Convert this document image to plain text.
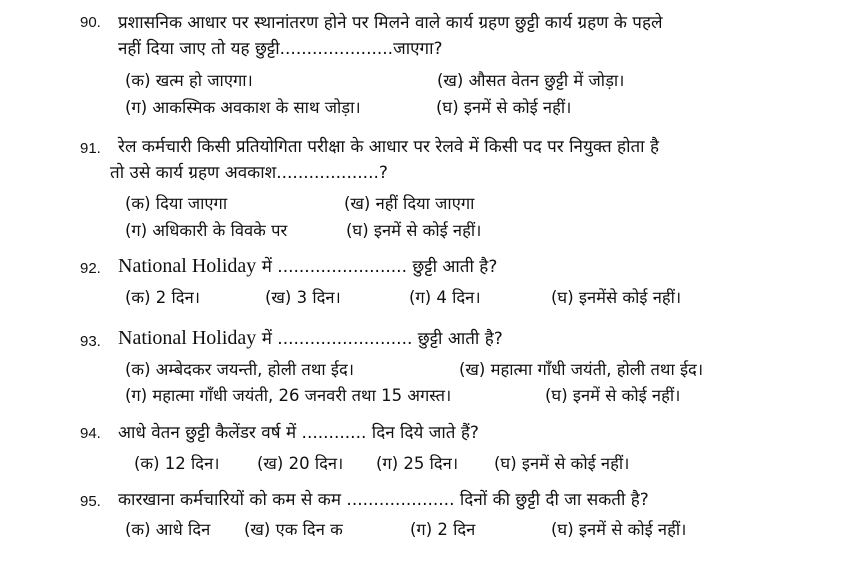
90. प्रशासनिक आधार पर स्थानांतरण होने पर मिलने वाले कार्य ग्रहण छुट्टी कार्य ग्रहण के पहले
नहीं दिया जाए तो यह छुट्टी.....................जाएगा?
(क) खत्म हो जाएगा।	(ख) औसत वेतन छुट्टी में जोड़ा।
(ग) आकस्मिक अवकाश के साथ जोड़ा।	(घ) इनमें से कोई नहीं।
91. रेल कर्मचारी किसी प्रतियोगिता परीक्षा के आधार पर रेलवे में किसी पद पर नियुक्त होता है
तो उसे कार्य ग्रहण अवकाश...................?
(क) दिया जाएगा	(ख) नहीं दिया जाएगा
(ग) अधिकारी के विवके पर	(घ) इनमें से कोई नहीं।
92. National Holiday में ........................ छुट्टी आती है?
(क) 2 दिन।	(ख) 3 दिन।	(ग) 4 दिन।	(घ) इनमेंसे कोई नहीं।
93. National Holiday में ......................... छुट्टी आती है?
(क) अम्बेदकर जयन्ती, होली तथा ईद।	(ख) महात्मा गाँधी जयंती, होली तथा ईद।
(ग) महात्मा गाँधी जयंती, 26 जनवरी तथा 15 अगस्त।	(घ) इनमें से कोई नहीं।
94. आधे वेतन छुट्टी कैलेंडर वर्ष में ............ दिन दिये जाते हैं?
(क) 12 दिन। (ख) 20 दिन। (ग) 25 दिन। (घ) इनमें से कोई नहीं।
95. कारखाना कर्मचारियों को कम से कम .................... दिनों की छुट्टी दी जा सकती है?
(क) आधे दिन (ख) एक दिन क	(ग) 2 दिन	(घ) इनमें से कोई नहीं।
